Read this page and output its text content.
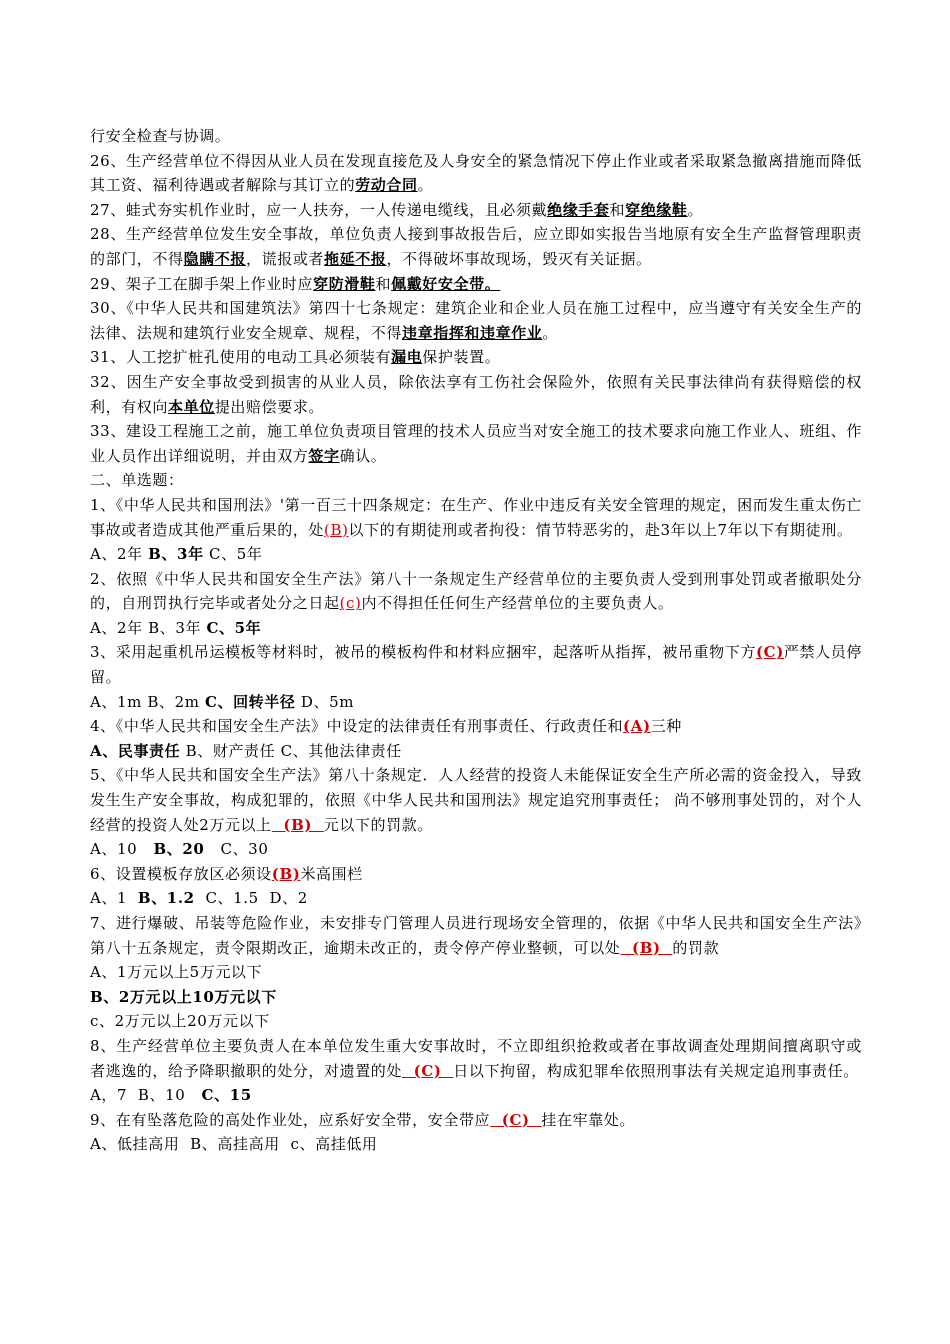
行安全检查与协调。

26、生产经营单位不得因从业人员在发现直接危及人身安全的紧急情况下停止作业或者采取紧急撤离措施而降低其工资、福利待遇或者解除与其订立的劳动合同。

27、蛙式夯实机作业时，应一人扶夯，一人传递电缆线，且必须戴绝缘手套和穿绝缘鞋。

28、生产经营单位发生安全事故，单位负责人接到事故报告后，应立即如实报告当地原有安全生产监督管理职责的部门，不得隐瞒不报，谎报或者拖延不报，不得破坏事故现场，毁灭有关证据。

29、架子工在脚手架上作业时应穿防滑鞋和佩戴好安全带。

30、《中华人民共和国建筑法》第四十七条规定：建筑企业和企业人员在施工过程中，应当遵守有关安全生产的法律、法规和建筑行业安全规章、规程，不得违章指挥和违章作业。

31、人工挖扩桩孔使用的电动工具必须装有漏电保护装置。

32、因生产安全事故受到损害的从业人员，除依法享有工伤社会保险外，依照有关民事法律尚有获得赔偿的权利，有权向本单位提出赔偿要求。

33、建设工程施工之前，施工单位负责项目管理的技术人员应当对安全施工的技术要求向施工作业人、班组、作业人员作出详细说明，并由双方签字确认。

二、单选题：

1、《中华人民共和国刑法》'第一百三十四条规定：在生产、作业中违反有关安全管理的规定，困而发生重太伤亡事故或者造成其他严重后果的，处(B)以下的有期徒刑或者拘役：情节特恶劣的，赴3年以上7年以下有期徒刑。

A、2年 B、3年 C、5年

2、依照《中华人民共和国安全生产法》第八十一条规定生产经营单位的主要负责人受到刑事处罚或者撤职处分的，自刑罚执行完毕或者处分之日起(c)内不得担任任何生产经营单位的主要负责人。

A、2年 B、3年 C、5年

3、采用起重机吊运模板等材料时，被吊的模板构件和材料应捆牢，起落听从指挥，被吊重物下方(C)严禁人员停留。

A、1m B、2m C、回转半径 D、5m

4、《中华人民共和国安全生产法》中设定的法律责任有刑事责任、行政责任和(A)三种

A、民事责任 B、财产责任 C、其他法律责任

5、《中华人民共和国安全生产法》第八十条规定．人人经营的投资人未能保证安全生产所必需的资金投入，导致发生生产安全事故，构成犯罪的，依照《中华人民共和国刑法》规定追究刑事责任； 尚不够刑事处罚的，对个人经营的投资人处2万元以上  (B)  元以下的罚款。

A、10   B、20   C、30

6、设置模板存放区必须设(B)米高围栏

A、1  B、1.2  C、1.5  D、2

7、进行爆破、吊装等危险作业，未安排专门管理人员进行现场安全管理的，依据《中华人民共和国安全生产法》第八十五条规定，责令限期改正，逾期未改正的，责令停产停业整顿，可以处  (B)  的罚款

A、1万元以上5万元以下

B、2万元以上10万元以下

c、2万元以上20万元以下

8、生产经营单位主要负责人在本单位发生重大安事故时，不立即组织抢救或者在事故调查处理期间擅离职守或者逃逸的，给予降职撤职的处分，对遗置的处  (C)  日以下拘留，构成犯罪牟依照刑事法有关规定追刑事责任。

A，7  B、10   C、15

9、在有坠落危险的高处作业处，应系好安全带，安全带应  (C)  挂在牢靠处。

A、低挂高用  B、高挂高用  c、高挂低用
